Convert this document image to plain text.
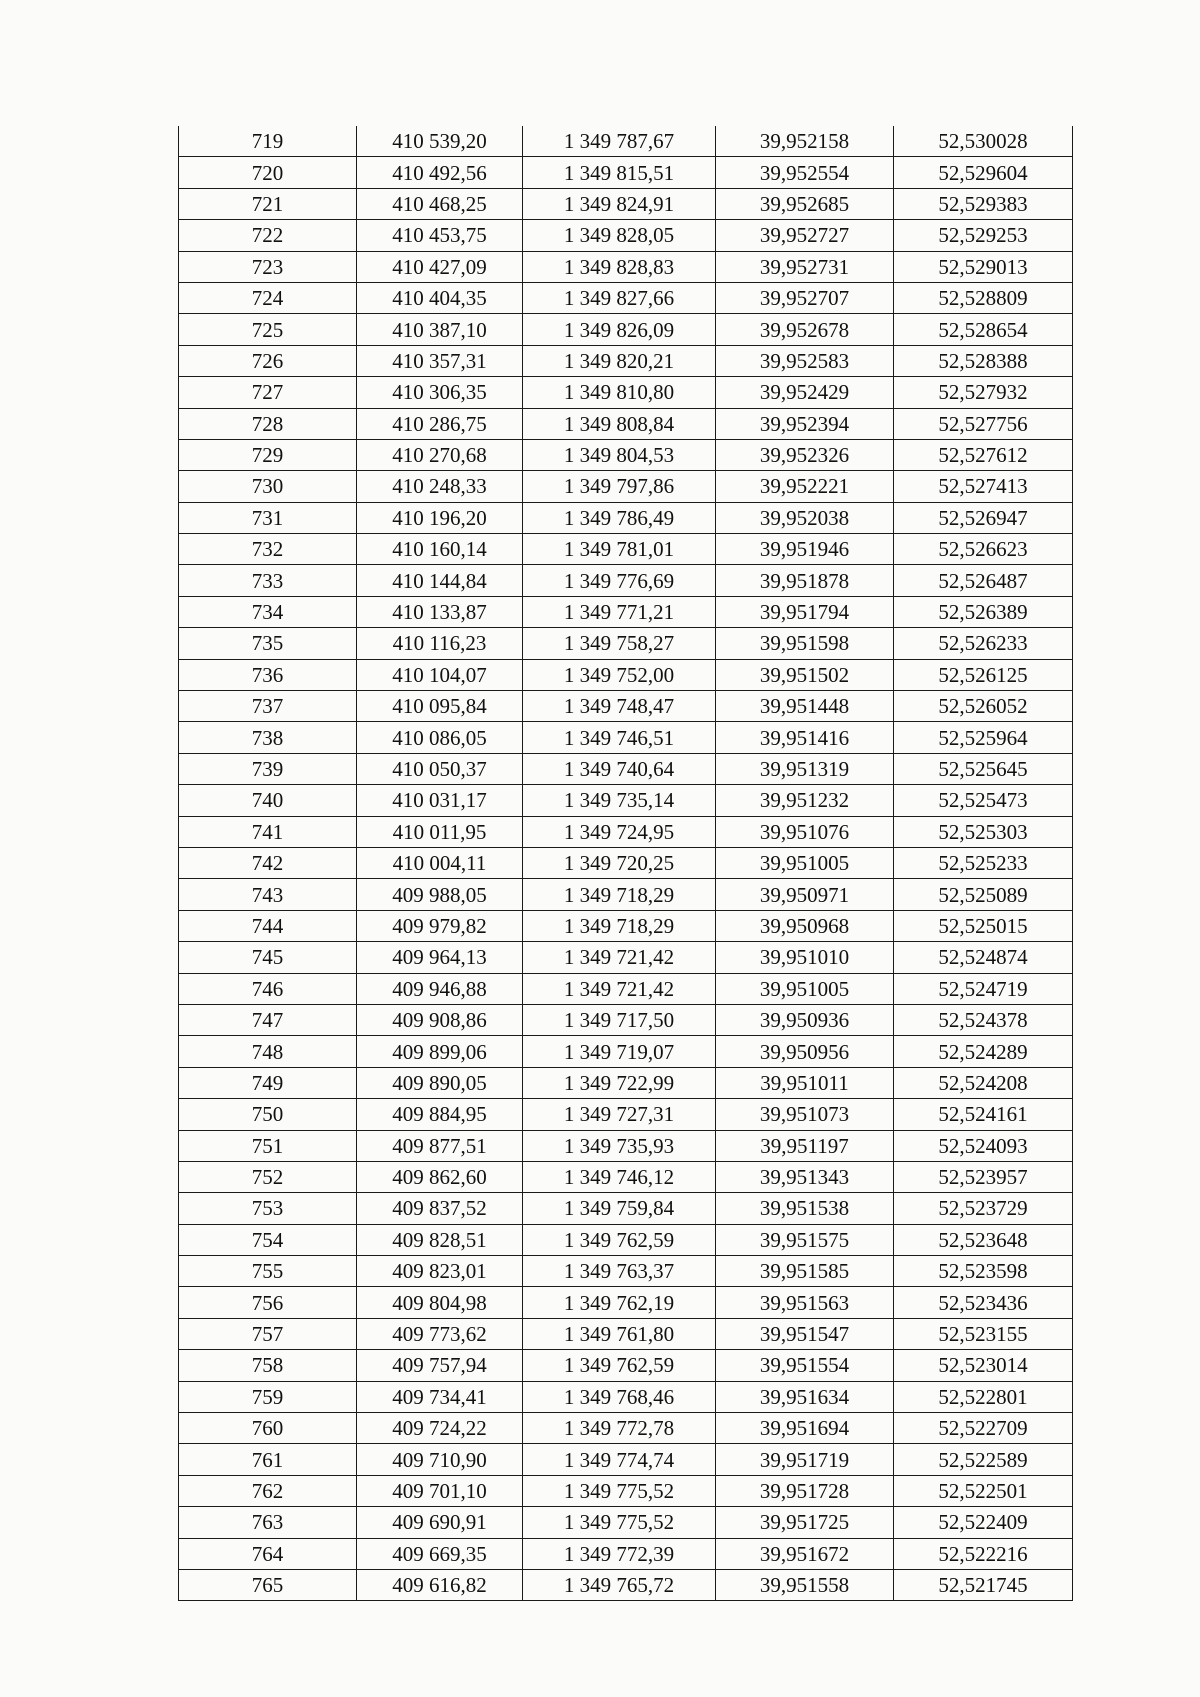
719	410 539,20	1 349 787,67	39,952158	52,530028
720	410 492,56	1 349 815,51	39,952554	52,529604
721	410 468,25	1 349 824,91	39,952685	52,529383
722	410 453,75	1 349 828,05	39,952727	52,529253
723	410 427,09	1 349 828,83	39,952731	52,529013
724	410 404,35	1 349 827,66	39,952707	52,528809
725	410 387,10	1 349 826,09	39,952678	52,528654
726	410 357,31	1 349 820,21	39,952583	52,528388
727	410 306,35	1 349 810,80	39,952429	52,527932
728	410 286,75	1 349 808,84	39,952394	52,527756
729	410 270,68	1 349 804,53	39,952326	52,527612
730	410 248,33	1 349 797,86	39,952221	52,527413
731	410 196,20	1 349 786,49	39,952038	52,526947
732	410 160,14	1 349 781,01	39,951946	52,526623
733	410 144,84	1 349 776,69	39,951878	52,526487
734	410 133,87	1 349 771,21	39,951794	52,526389
735	410 116,23	1 349 758,27	39,951598	52,526233
736	410 104,07	1 349 752,00	39,951502	52,526125
737	410 095,84	1 349 748,47	39,951448	52,526052
738	410 086,05	1 349 746,51	39,951416	52,525964
739	410 050,37	1 349 740,64	39,951319	52,525645
740	410 031,17	1 349 735,14	39,951232	52,525473
741	410 011,95	1 349 724,95	39,951076	52,525303
742	410 004,11	1 349 720,25	39,951005	52,525233
743	409 988,05	1 349 718,29	39,950971	52,525089
744	409 979,82	1 349 718,29	39,950968	52,525015
745	409 964,13	1 349 721,42	39,951010	52,524874
746	409 946,88	1 349 721,42	39,951005	52,524719
747	409 908,86	1 349 717,50	39,950936	52,524378
748	409 899,06	1 349 719,07	39,950956	52,524289
749	409 890,05	1 349 722,99	39,951011	52,524208
750	409 884,95	1 349 727,31	39,951073	52,524161
751	409 877,51	1 349 735,93	39,951197	52,524093
752	409 862,60	1 349 746,12	39,951343	52,523957
753	409 837,52	1 349 759,84	39,951538	52,523729
754	409 828,51	1 349 762,59	39,951575	52,523648
755	409 823,01	1 349 763,37	39,951585	52,523598
756	409 804,98	1 349 762,19	39,951563	52,523436
757	409 773,62	1 349 761,80	39,951547	52,523155
758	409 757,94	1 349 762,59	39,951554	52,523014
759	409 734,41	1 349 768,46	39,951634	52,522801
760	409 724,22	1 349 772,78	39,951694	52,522709
761	409 710,90	1 349 774,74	39,951719	52,522589
762	409 701,10	1 349 775,52	39,951728	52,522501
763	409 690,91	1 349 775,52	39,951725	52,522409
764	409 669,35	1 349 772,39	39,951672	52,522216
765	409 616,82	1 349 765,72	39,951558	52,521745
